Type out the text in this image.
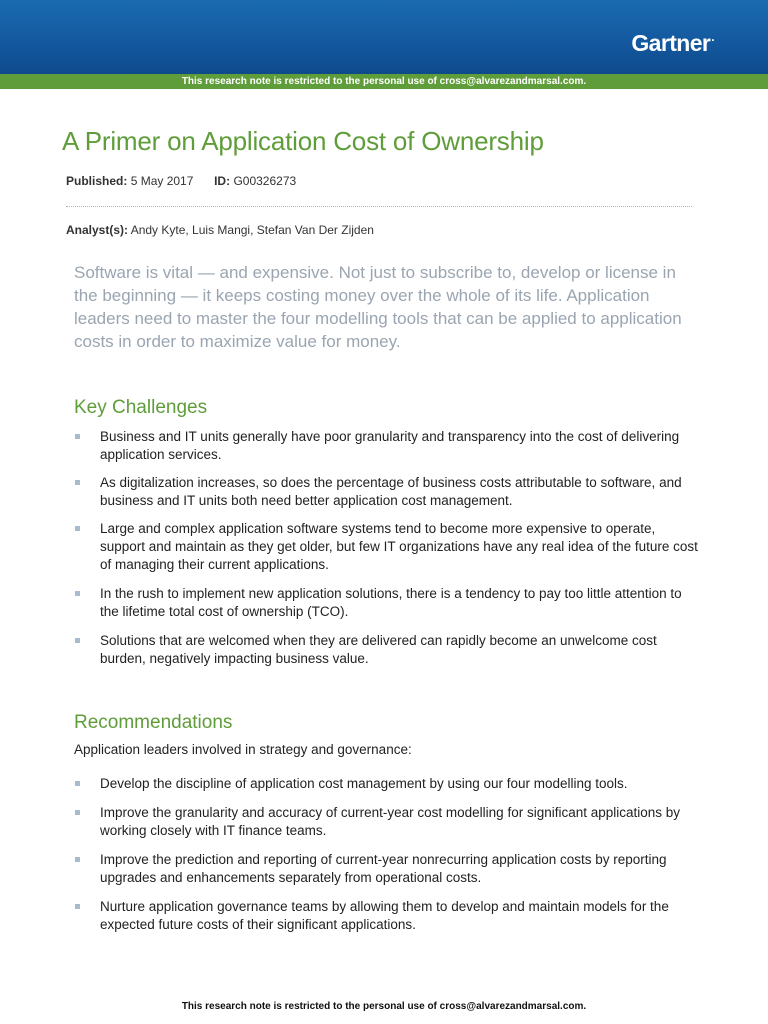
Gartner.
This research note is restricted to the personal use of cross@alvarezandmarsal.com.
A Primer on Application Cost of Ownership
Published: 5 May 2017 ID: G00326273
Analyst(s): Andy Kyte, Luis Mangi, Stefan Van Der Zijden

Software is vital — and expensive. Not just to subscribe to, develop or license in the beginning — it keeps costing money over the whole of its life. Application leaders need to master the four modelling tools that can be applied to application costs in order to maximize value for money.

Key Challenges
Business and IT units generally have poor granularity and transparency into the cost of delivering application services.
As digitalization increases, so does the percentage of business costs attributable to software, and business and IT units both need better application cost management.
Large and complex application software systems tend to become more expensive to operate, support and maintain as they get older, but few IT organizations have any real idea of the future cost of managing their current applications.
In the rush to implement new application solutions, there is a tendency to pay too little attention to the lifetime total cost of ownership (TCO).
Solutions that are welcomed when they are delivered can rapidly become an unwelcome cost burden, negatively impacting business value.
Recommendations

Application leaders involved in strategy and governance:

Develop the discipline of application cost management by using our four modelling tools.
Improve the granularity and accuracy of current-year cost modelling for significant applications by working closely with IT finance teams.
Improve the prediction and reporting of current-year nonrecurring application costs by reporting upgrades and enhancements separately from operational costs.
Nurture application governance teams by allowing them to develop and maintain models for the expected future costs of their significant applications.
This research note is restricted to the personal use of cross@alvarezandmarsal.com.
